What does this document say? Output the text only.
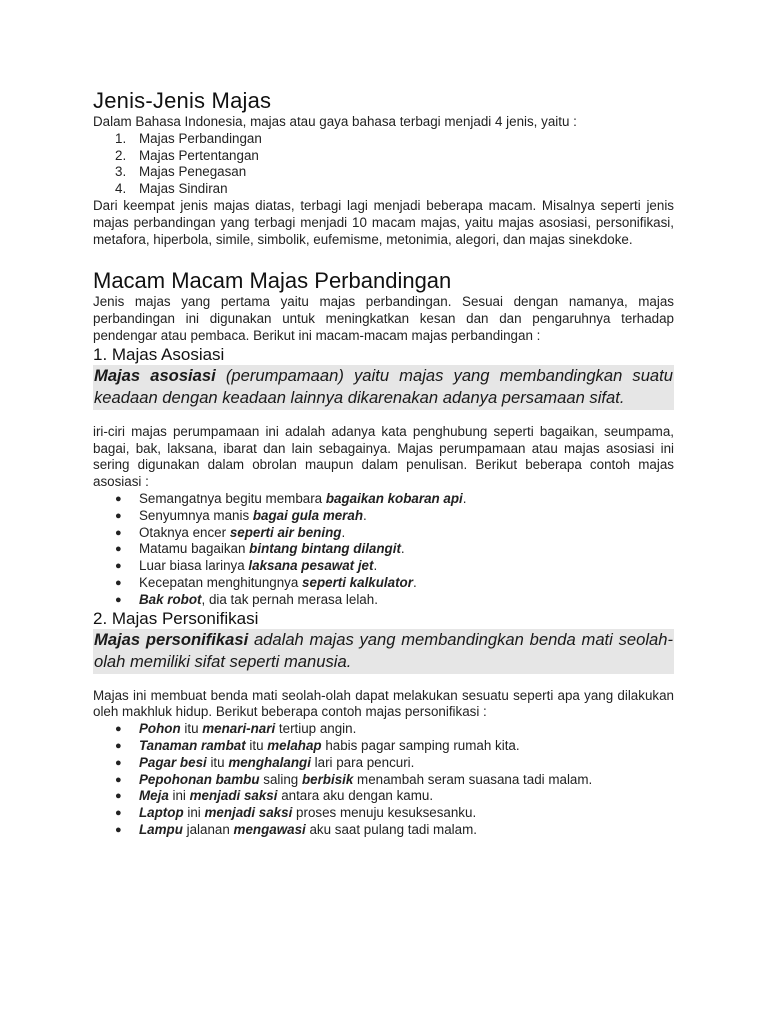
Jenis-Jenis Majas

Dalam Bahasa Indonesia, majas atau gaya bahasa terbagi menjadi 4 jenis, yaitu :

1. Majas Perbandingan
2. Majas Pertentangan
3. Majas Penegasan
4. Majas Sindiran

Dari keempat jenis majas diatas, terbagi lagi menjadi beberapa macam. Misalnya seperti jenis majas perbandingan yang terbagi menjadi 10 macam majas, yaitu majas asosiasi, personifikasi, metafora, hiperbola, simile, simbolik, eufemisme, metonimia, alegori, dan majas sinekdoke.

Macam Macam Majas Perbandingan

Jenis majas yang pertama yaitu majas perbandingan. Sesuai dengan namanya, majas perbandingan ini digunakan untuk meningkatkan kesan dan dan pengaruhnya terhadap pendengar atau pembaca. Berikut ini macam-macam majas perbandingan :

1. Majas Asosiasi
Majas asosiasi (perumpamaan) yaitu majas yang membandingkan suatu keadaan dengan keadaan lainnya dikarenakan adanya persamaan sifat.

iri-ciri majas perumpamaan ini adalah adanya kata penghubung seperti bagaikan, seumpama, bagai, bak, laksana, ibarat dan lain sebagainya. Majas perumpamaan atau majas asosiasi ini sering digunakan dalam obrolan maupun dalam penulisan. Berikut beberapa contoh majas asosiasi :

● Semangatnya begitu membara bagaikan kobaran api.
● Senyumnya manis bagai gula merah.
● Otaknya encer seperti air bening.
● Matamu bagaikan bintang bintang dilangit.
● Luar biasa larinya laksana pesawat jet.
● Kecepatan menghitungnya seperti kalkulator.
● Bak robot, dia tak pernah merasa lelah.
2. Majas Personifikasi
Majas personifikasi adalah majas yang membandingkan benda mati seolah-olah memiliki sifat seperti manusia.

Majas ini membuat benda mati seolah-olah dapat melakukan sesuatu seperti apa yang dilakukan oleh makhluk hidup. Berikut beberapa contoh majas personifikasi :

● Pohon itu menari-nari tertiup angin.
● Tanaman rambat itu melahap habis pagar samping rumah kita.
● Pagar besi itu menghalangi lari para pencuri.
● Pepohonan bambu saling berbisik menambah seram suasana tadi malam.
● Meja ini menjadi saksi antara aku dengan kamu.
● Laptop ini menjadi saksi proses menuju kesuksesanku.
● Lampu jalanan mengawasi aku saat pulang tadi malam.
